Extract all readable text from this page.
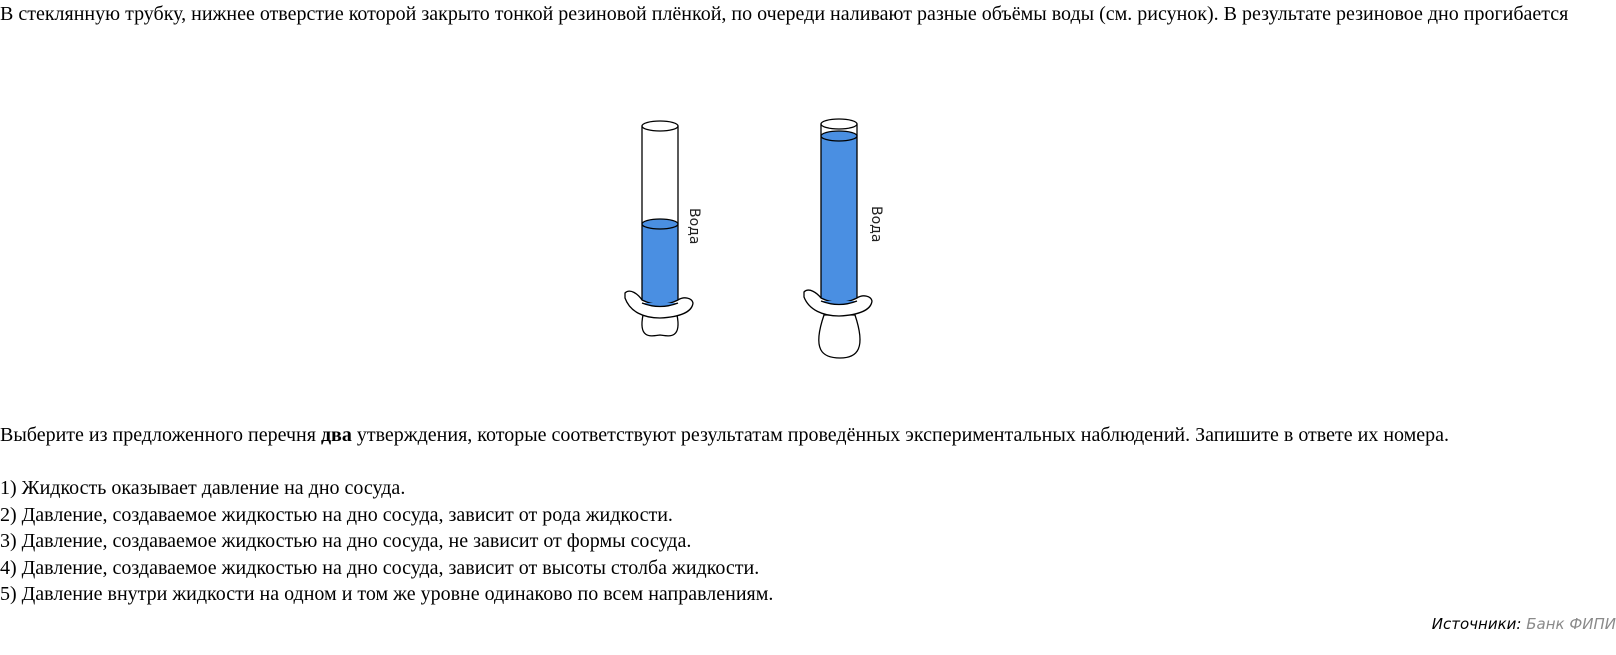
В стеклянную трубку, нижнее отверстие которой закрыто тонкой резиновой плёнкой, по очереди наливают разные объёмы воды (см. рисунок). В результате резиновое дно прогибается

Вода	Вода

Выберите из предложенного перечня два утверждения, которые соответствуют результатам проведённых экспериментальных наблюдений. Запишите в ответе их номера.

1) Жидкость оказывает давление на дно сосуда.
2) Давление, создаваемое жидкостью на дно сосуда, зависит от рода жидкости.
3) Давление, создаваемое жидкостью на дно сосуда, не зависит от формы сосуда.
4) Давление, создаваемое жидкостью на дно сосуда, зависит от высоты столба жидкости.
5) Давление внутри жидкости на одном и том же уровне одинаково по всем направлениям.
Источники: Банк ФИПИ
